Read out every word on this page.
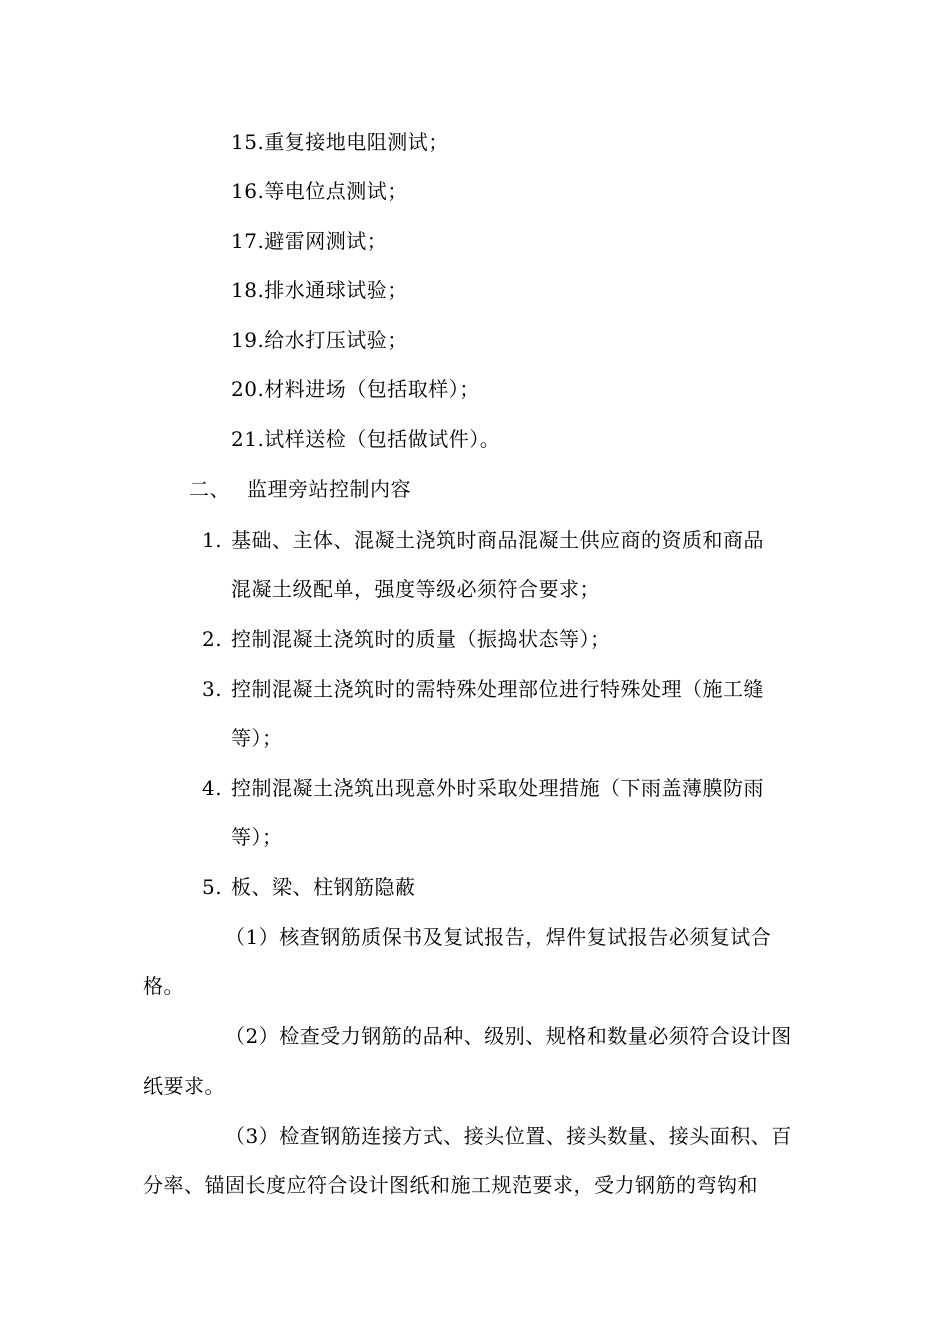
15.重复接地电阻测试；
16.等电位点测试；
17.避雷网测试；
18.排水通球试验；
19.给水打压试验；
20.材料进场（包括取样）；
21.试样送检（包括做试件）。
二、 监理旁站控制内容
1. 基础、主体、混凝土浇筑时商品混凝土供应商的资质和商品
混凝土级配单，强度等级必须符合要求；
2. 控制混凝土浇筑时的质量（振捣状态等）；
3. 控制混凝土浇筑时的需特殊处理部位进行特殊处理（施工缝
等）；
4. 控制混凝土浇筑出现意外时采取处理措施（下雨盖薄膜防雨
等）；
5. 板、梁、柱钢筋隐蔽
（1）核查钢筋质保书及复试报告，焊件复试报告必须复试合
格。
（2）检查受力钢筋的品种、级别、规格和数量必须符合设计图
纸要求。
（3）检查钢筋连接方式、接头位置、接头数量、接头面积、百
分率、锚固长度应符合设计图纸和施工规范要求，受力钢筋的弯钩和
